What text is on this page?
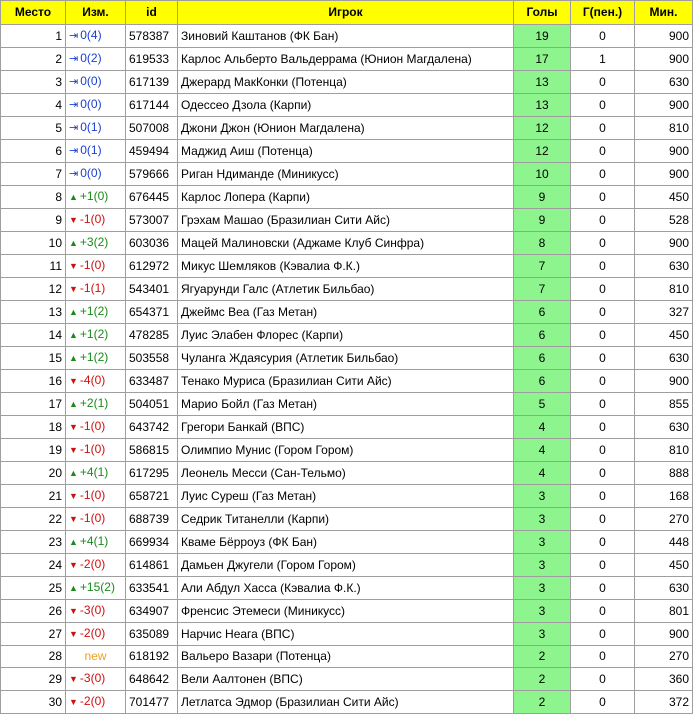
Место	Изм.	id	Игрок	Голы	Г(пен.)	Мин.
1	⇥ 0(4)	578387	Зиновий Каштанов (ФК Бан)	19	0	900
2	⇥ 0(2)	619533	Карлос Альберто Вальдеррама (Юнион Магдалена)	17	1	900
3	⇥ 0(0)	617139	Джерард МакКонки (Потенца)	13	0	630
4	⇥ 0(0)	617144	Одессео Дзола (Карпи)	13	0	900
5	⇥ 0(1)	507008	Джони Джон (Юнион Магдалена)	12	0	810
6	⇥ 0(1)	459494	Маджид Аиш (Потенца)	12	0	900
7	⇥ 0(0)	579666	Риган Ндиманде (Миникусс)	10	0	900
8	▲ +1(0)	676445	Карлос Лопера (Карпи)	9	0	450
9	▼ -1(0)	573007	Грэхам Машао (Бразилиан Сити Айс)	9	0	528
10	▲ +3(2)	603036	Мацей Малиновски (Аджаме Клуб Синфра)	8	0	900
11	▼ -1(0)	612972	Микус Шемляков (Кэвалиа Ф.К.)	7	0	630
12	▼ -1(1)	543401	Ягуарунди Галс (Атлетик Бильбао)	7	0	810
13	▲ +1(2)	654371	Джеймс Веа (Газ Метан)	6	0	327
14	▲ +1(2)	478285	Луис Элабен Флорес (Карпи)	6	0	450
15	▲ +1(2)	503558	Чуланга Ждаясурия (Атлетик Бильбао)	6	0	630
16	▼ -4(0)	633487	Тенако Муриса (Бразилиан Сити Айс)	6	0	900
17	▲ +2(1)	504051	Марио Бойл (Газ Метан)	5	0	855
18	▼ -1(0)	643742	Грегори Банкай (ВПС)	4	0	630
19	▼ -1(0)	586815	Олимпио Мунис (Гором Гором)	4	0	810
20	▲ +4(1)	617295	Леонель Месси (Сан-Тельмо)	4	0	888
21	▼ -1(0)	658721	Луис Суреш (Газ Метан)	3	0	168
22	▼ -1(0)	688739	Седрик Титанелли (Карпи)	3	0	270
23	▲ +4(1)	669934	Кваме Бёрроуз (ФК Бан)	3	0	448
24	▼ -2(0)	614861	Дамьен Джугели (Гором Гором)	3	0	450
25	▲ +15(2)	633541	Али Абдул Хасса (Кэвалиа Ф.К.)	3	0	630
26	▼ -3(0)	634907	Френсис Этемеси (Миникусс)	3	0	801
27	▼ -2(0)	635089	Нарчис Неага (ВПС)	3	0	900
28	new	618192	Вальеро Вазари (Потенца)	2	0	270
29	▼ -3(0)	648642	Вели Аалтонен (ВПС)	2	0	360
30	▼ -2(0)	701477	Летлатса Эдмор (Бразилиан Сити Айс)	2	0	372
